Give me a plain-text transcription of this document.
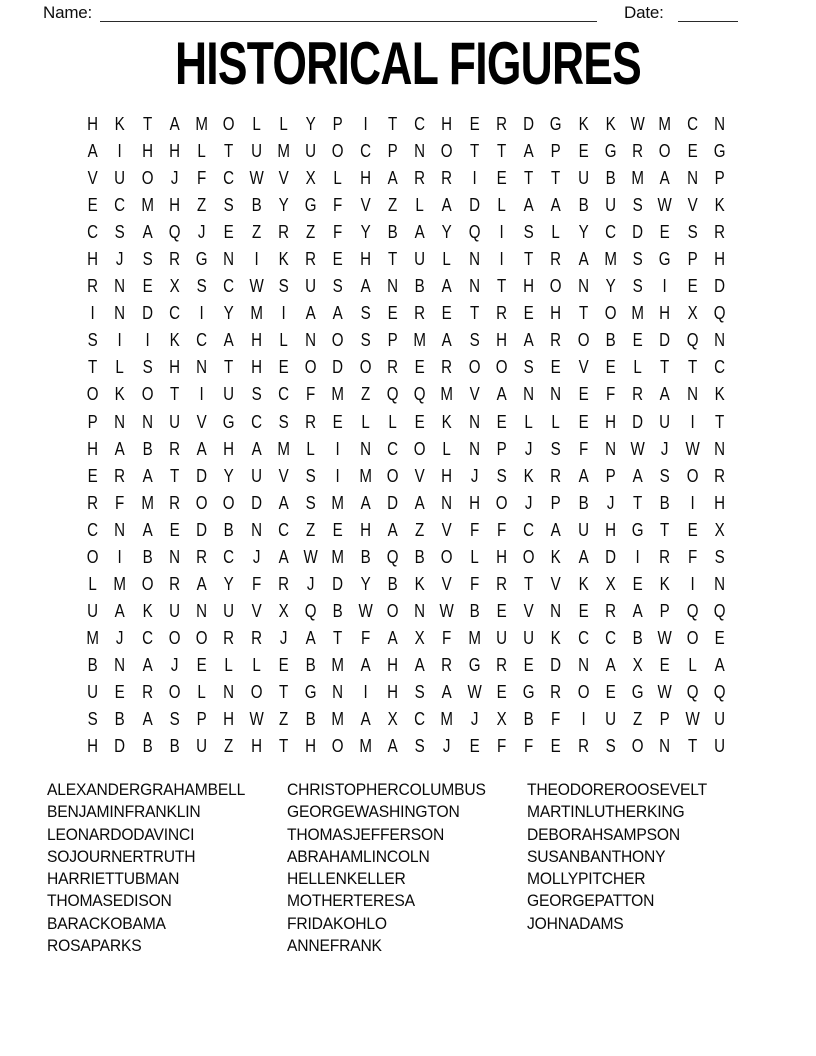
Name:	Date:
HISTORICAL FIGURES
H K T A M O L	L Y P	I	T C H E R D G K K W M C N
A	I	H H L	T U M U O C P N O T	T A P E G R O E G
V U O J	F C W V X L H A R R	I	E T	T U B M A N P
E C M H Z S B Y G F V Z	L A D L A A B U S W V K
C S A Q J	E Z R Z	F Y B A Y Q	I	S L Y C D E S R
H	J	S R G N	I	K R E H T U L N	I	T R A M S G P H
R N E X S C W S U S A N B A N T H O N Y S	I	E D
I	N D C	I	Y M	I	A A S E R E T R E H T O M H X Q
S	I	I	K C A H L N O S P M A S H A R O B E D Q N
T	L S H N T H E O D O R E R O O S E V E L	T	T C
O K O T	I	U S C F M Z Q Q M V A N N E F R A N K
P N N U V G C S R E L	L E K N E L	L E H D U	I	T
H A B R A H A M L	I	N C O L N P	J	S F N W J W N
E R A T D Y U V S	I	M O V H	J	S K R A P A S O R
R F M R O O D A S M A D A N H O J	P B	J	T B	I	H
C N A E D B N C Z E H A Z V F	F C A U H G T E X
O	I	B N R C	J	A W M B Q B O L H O K A D	I	R F S
L M O R A Y F R	J	D Y B K V F R T V K X E K	I	N
U A K U N U V X Q B W O N W B E V N E R A P Q Q
M J	C O O R R	J	A T	F A X F M U U K C C B W O E
B N A	J	E L	L E B M A H A R G R E D N A X E L A
U E R O L N O T G N	I	H S A W E G R O E G W Q Q
S B A S P H W Z B M A X C M J	X B F	I	U Z P W U
H D B B U Z H T H O M A S	J	E F	F E R S O N T U
ALEXANDERGRAHAMBELL
BENJAMINFRANKLIN
LEONARDODAVINCI
SOJOURNERTRUTH
HARRIETTUBMAN
THOMASEDISON
BARACKOBAMA
ROSAPARKS
CHRISTOPHERCOLUMBUS
GEORGEWASHINGTON
THOMASJEFFERSON
ABRAHAMLINCOLN
HELLENKELLER
MOTHERTERESA
FRIDAKOHLO
ANNEFRANK
THEODOREROOSEVELT
MARTINLUTHERKING
DEBORAHSAMPSON
SUSANBANTHONY
MOLLYPITCHER
GEORGEPATTON
JOHNADAMS
